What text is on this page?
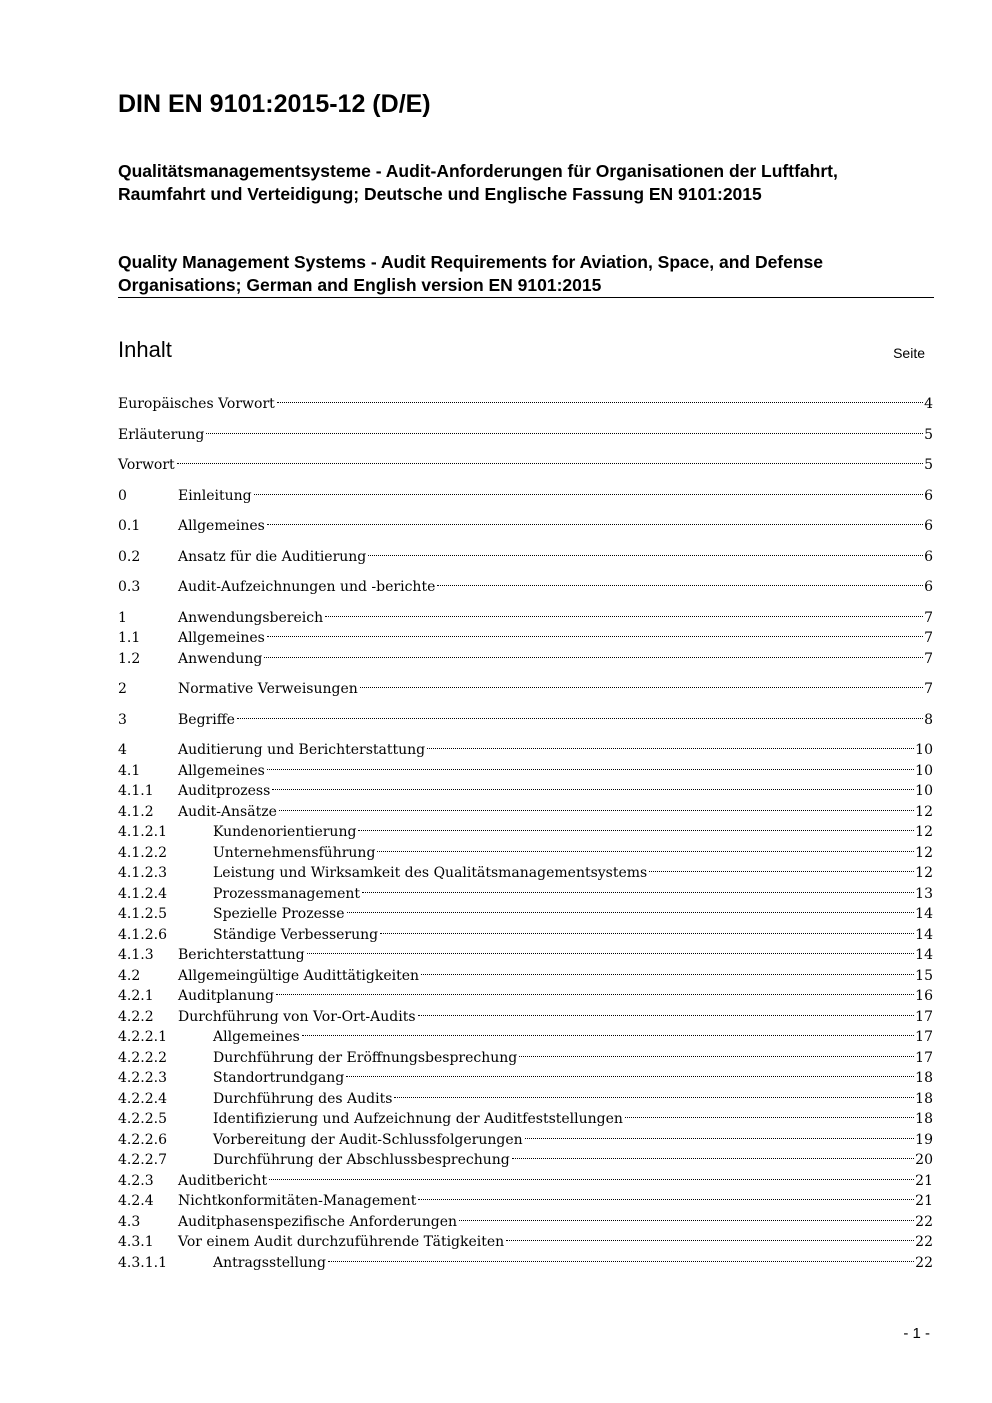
DIN EN 9101:2015-12 (D/E)
Qualitätsmanagementsysteme - Audit-Anforderungen für Organisationen der Luftfahrt, Raumfahrt und Verteidigung; Deutsche und Englische Fassung EN 9101:2015
Quality Management Systems - Audit Requirements for Aviation, Space, and Defense Organisations; German and English version EN 9101:2015
Inhalt	Seite
Europäisches Vorwort	4
Erläuterung	5
Vorwort	5
0	Einleitung	6
0.1	Allgemeines	6
0.2	Ansatz für die Auditierung	6
0.3	Audit-Aufzeichnungen und -berichte	6
1	Anwendungsbereich	7
1.1	Allgemeines	7
1.2	Anwendung	7
2	Normative Verweisungen	7
3	Begriffe	8
4	Auditierung und Berichterstattung	10
4.1	Allgemeines	10
4.1.1 Auditprozess	10
4.1.2 Audit-Ansätze	12
4.1.2.1	Kundenorientierung	12
4.1.2.2	Unternehmensführung	12
4.1.2.3	Leistung und Wirksamkeit des Qualitätsmanagementsystems	12
4.1.2.4	Prozessmanagement	13
4.1.2.5	Spezielle Prozesse	14
4.1.2.6	Ständige Verbesserung	14
4.1.3 Berichterstattung	14
4.2	Allgemeingültige Audittätigkeiten	15
4.2.1 Auditplanung	16
4.2.2 Durchführung von Vor-Ort-Audits	17
4.2.2.1	Allgemeines	17
4.2.2.2	Durchführung der Eröffnungsbesprechung	17
4.2.2.3	Standortrundgang	18
4.2.2.4	Durchführung des Audits	18
4.2.2.5	Identifizierung und Aufzeichnung der Auditfeststellungen	18
4.2.2.6	Vorbereitung der Audit-Schlussfolgerungen	19
4.2.2.7	Durchführung der Abschlussbesprechung	20
4.2.3 Auditbericht	21
4.2.4 Nichtkonformitäten-Management	21
4.3	Auditphasenspezifische Anforderungen	22
4.3.1 Vor einem Audit durchzuführende Tätigkeiten	22
4.3.1.1	Antragsstellung	22
- 1 -
